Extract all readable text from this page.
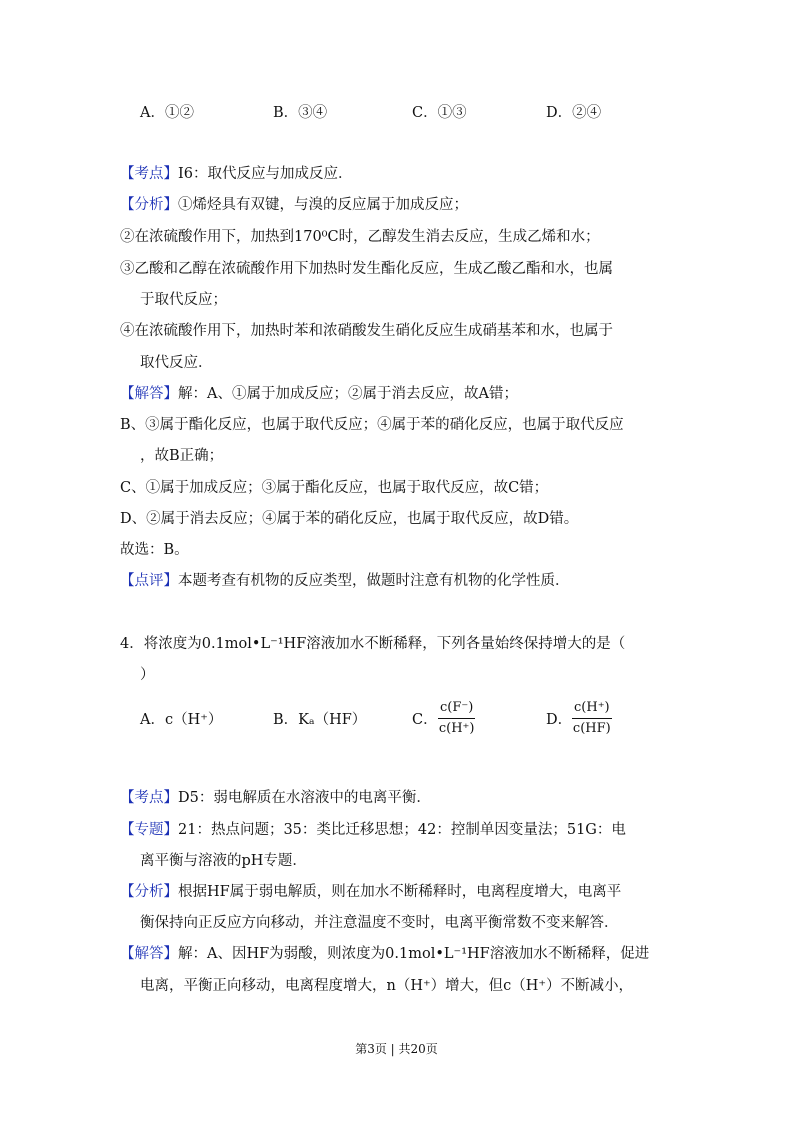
A．①②	B．③④	C．①③	D．②④
【考点】I6：取代反应与加成反应．
【分析】①烯烃具有双键，与溴的反应属于加成反应；
②在浓硫酸作用下，加热到170⁰C时，乙醇发生消去反应，生成乙烯和水；
③乙酸和乙醇在浓硫酸作用下加热时发生酯化反应，生成乙酸乙酯和水，也属
于取代反应；
④在浓硫酸作用下，加热时苯和浓硝酸发生硝化反应生成硝基苯和水，也属于
取代反应．
【解答】解：A、①属于加成反应；②属于消去反应，故A错；
B、③属于酯化反应，也属于取代反应；④属于苯的硝化反应，也属于取代反应
，故B正确；
C、①属于加成反应；③属于酯化反应，也属于取代反应，故C错；
D、②属于消去反应；④属于苯的硝化反应，也属于取代反应，故D错。
故选：B。
【点评】本题考查有机物的反应类型，做题时注意有机物的化学性质．
4．将浓度为0.1mol•L⁻¹HF溶液加水不断稀释，下列各量始终保持增大的是（
）
A．c（H⁺）	B．Kₐ（HF）	C． $\frac{c(F^-)}{c(H^+)}$	D． $\frac{c(H^+)}{c(HF)}$
【考点】D5：弱电解质在水溶液中的电离平衡．
【专题】21：热点问题；35：类比迁移思想；42：控制单因变量法；51G：电
离平衡与溶液的pH专题．
【分析】根据HF属于弱电解质，则在加水不断稀释时，电离程度增大，电离平
衡保持向正反应方向移动，并注意温度不变时，电离平衡常数不变来解答．
【解答】解：A、因HF为弱酸，则浓度为0.1mol•L⁻¹HF溶液加水不断稀释，促进
电离，平衡正向移动，电离程度增大，n（H⁺）增大，但c（H⁺）不断减小，
第3页 | 共20页
